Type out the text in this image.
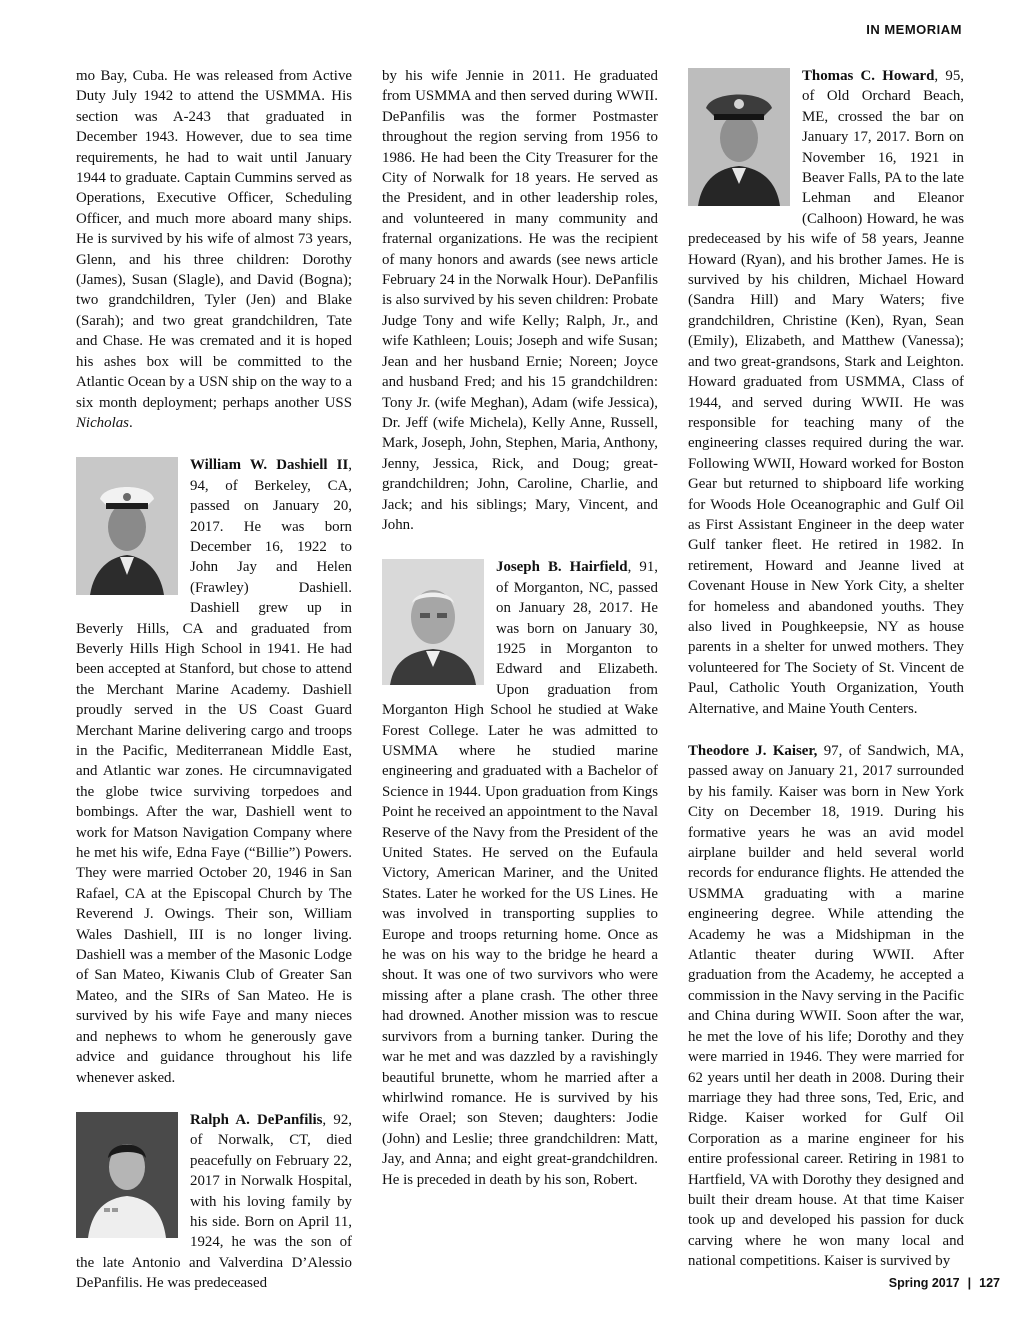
IN MEMORIAM

mo Bay, Cuba. He was released from Active Duty July 1942 to attend the USMMA. His section was A-243 that graduated in December 1943. However, due to sea time requirements, he had to wait until January 1944 to graduate. Captain Cummins served as Operations, Executive Officer, Scheduling Officer, and much more aboard many ships. He is survived by his wife of almost 73 years, Glenn, and his three children: Dorothy (James), Susan (Slagle), and David (Bogna); two grandchildren, Tyler (Jen) and Blake (Sarah); and two great grandchildren, Tate and Chase. He was cremated and it is hoped his ashes box will be committed to the Atlantic Ocean by a USN ship on the way to a six month deployment; perhaps another USS Nicholas.

William W. Dashiell II, 94, of Berkeley, CA, passed on January 20, 2017. He was born December 16, 1922 to John Jay and Helen (Frawley) Dashiell. Dashiell grew up in Beverly Hills, CA and graduated from Beverly Hills High School in 1941. He had been accepted at Stanford, but chose to attend the Merchant Marine Academy. Dashiell proudly served in the US Coast Guard Merchant Marine delivering cargo and troops in the Pacific, Mediterranean Middle East, and Atlantic war zones. He circumnavigated the globe twice surviving torpedoes and bombings. After the war, Dashiell went to work for Matson Navigation Company where he met his wife, Edna Faye (“Billie”) Powers. They were married October 20, 1946 in San Rafael, CA at the Episcopal Church by The Reverend J. Owings. Their son, William Wales Dashiell, III is no longer living. Dashiell was a member of the Masonic Lodge of San Mateo, Kiwanis Club of Greater San Mateo, and the SIRs of San Mateo. He is survived by his wife Faye and many nieces and nephews to whom he generously gave advice and guidance throughout his life whenever asked.

Ralph A. DePanfilis, 92, of Norwalk, CT, died peacefully on February 22, 2017 in Norwalk Hospital, with his loving family by his side. Born on April 11, 1924, he was the son of the late Antonio and Valverdina D’Alessio DePanfilis. He was predeceased

by his wife Jennie in 2011. He graduated from USMMA and then served during WWII. DePanfilis was the former Postmaster throughout the region serving from 1956 to 1986. He had been the City Treasurer for the City of Norwalk for 18 years. He served as the President, and in other leadership roles, and volunteered in many community and fraternal organizations. He was the recipient of many honors and awards (see news article February 24 in the Norwalk Hour). DePanfilis is also survived by his seven children: Probate Judge Tony and wife Kelly; Ralph, Jr., and wife Kathleen; Louis; Joseph and wife Susan; Jean and her husband Ernie; Noreen; Joyce and husband Fred; and his 15 grandchildren: Tony Jr. (wife Meghan), Adam (wife Jessica), Dr. Jeff (wife Michela), Kelly Anne, Russell, Mark, Joseph, John, Stephen, Maria, Anthony, Jenny, Jessica, Rick, and Doug; great-grandchildren; John, Caroline, Charlie, and Jack; and his siblings; Mary, Vincent, and John.

Joseph B. Hairfield, 91, of Morganton, NC, passed on January 28, 2017. He was born on January 30, 1925 in Morganton to Edward and Elizabeth. Upon graduation from Morganton High School he studied at Wake Forest College. Later he was admitted to USMMA where he studied marine engineering and graduated with a Bachelor of Science in 1944. Upon graduation from Kings Point he received an appointment to the Naval Reserve of the Navy from the President of the United States. He served on the Eufaula Victory, American Mariner, and the United States. Later he worked for the US Lines. He was involved in transporting supplies to Europe and troops returning home. Once as he was on his way to the bridge he heard a shout. It was one of two survivors who were missing after a plane crash. The other three had drowned. Another mission was to rescue survivors from a burning tanker. During the war he met and was dazzled by a ravishingly beautiful brunette, whom he married after a whirlwind romance. He is survived by his wife Orael; son Steven; daughters: Jodie (John) and Leslie; three grandchildren: Matt, Jay, and Anna; and eight great-grandchildren. He is preceded in death by his son, Robert.

Thomas C. Howard, 95, of Old Orchard Beach, ME, crossed the bar on January 17, 2017. Born on November 16, 1921 in Beaver Falls, PA to the late Lehman and Eleanor (Calhoon) Howard, he was predeceased by his wife of 58 years, Jeanne Howard (Ryan), and his brother James. He is survived by his children, Michael Howard (Sandra Hill) and Mary Waters; five grandchildren, Christine (Ken), Ryan, Sean (Emily), Elizabeth, and Matthew (Vanessa); and two great-grandsons, Stark and Leighton. Howard graduated from USMMA, Class of 1944, and served during WWII. He was responsible for teaching many of the engineering classes required during the war. Following WWII, Howard worked for Boston Gear but returned to shipboard life working for Woods Hole Oceanographic and Gulf Oil as First Assistant Engineer in the deep water Gulf tanker fleet. He retired in 1982. In retirement, Howard and Jeanne lived at Covenant House in New York City, a shelter for homeless and abandoned youths. They also lived in Poughkeepsie, NY as house parents in a shelter for unwed mothers. They volunteered for The Society of St. Vincent de Paul, Catholic Youth Organization, Youth Alternative, and Maine Youth Centers.

Theodore J. Kaiser, 97, of Sandwich, MA, passed away on January 21, 2017 surrounded by his family. Kaiser was born in New York City on December 18, 1919. During his formative years he was an avid model airplane builder and held several world records for endurance flights. He attended the USMMA graduating with a marine engineering degree. While attending the Academy he was a Midshipman in the Atlantic theater during WWII. After graduation from the Academy, he accepted a commission in the Navy serving in the Pacific and China during WWII. Soon after the war, he met the love of his life; Dorothy and they were married in 1946. They were married for 62 years until her death in 2008. During their marriage they had three sons, Ted, Eric, and Ridge. Kaiser worked for Gulf Oil Corporation as a marine engineer for his entire professional career. Retiring in 1981 to Hartfield, VA with Dorothy they designed and built their dream house. At that time Kaiser took up and developed his passion for duck carving where he won many local and national competitions. Kaiser is survived by

Spring 2017 | 127
